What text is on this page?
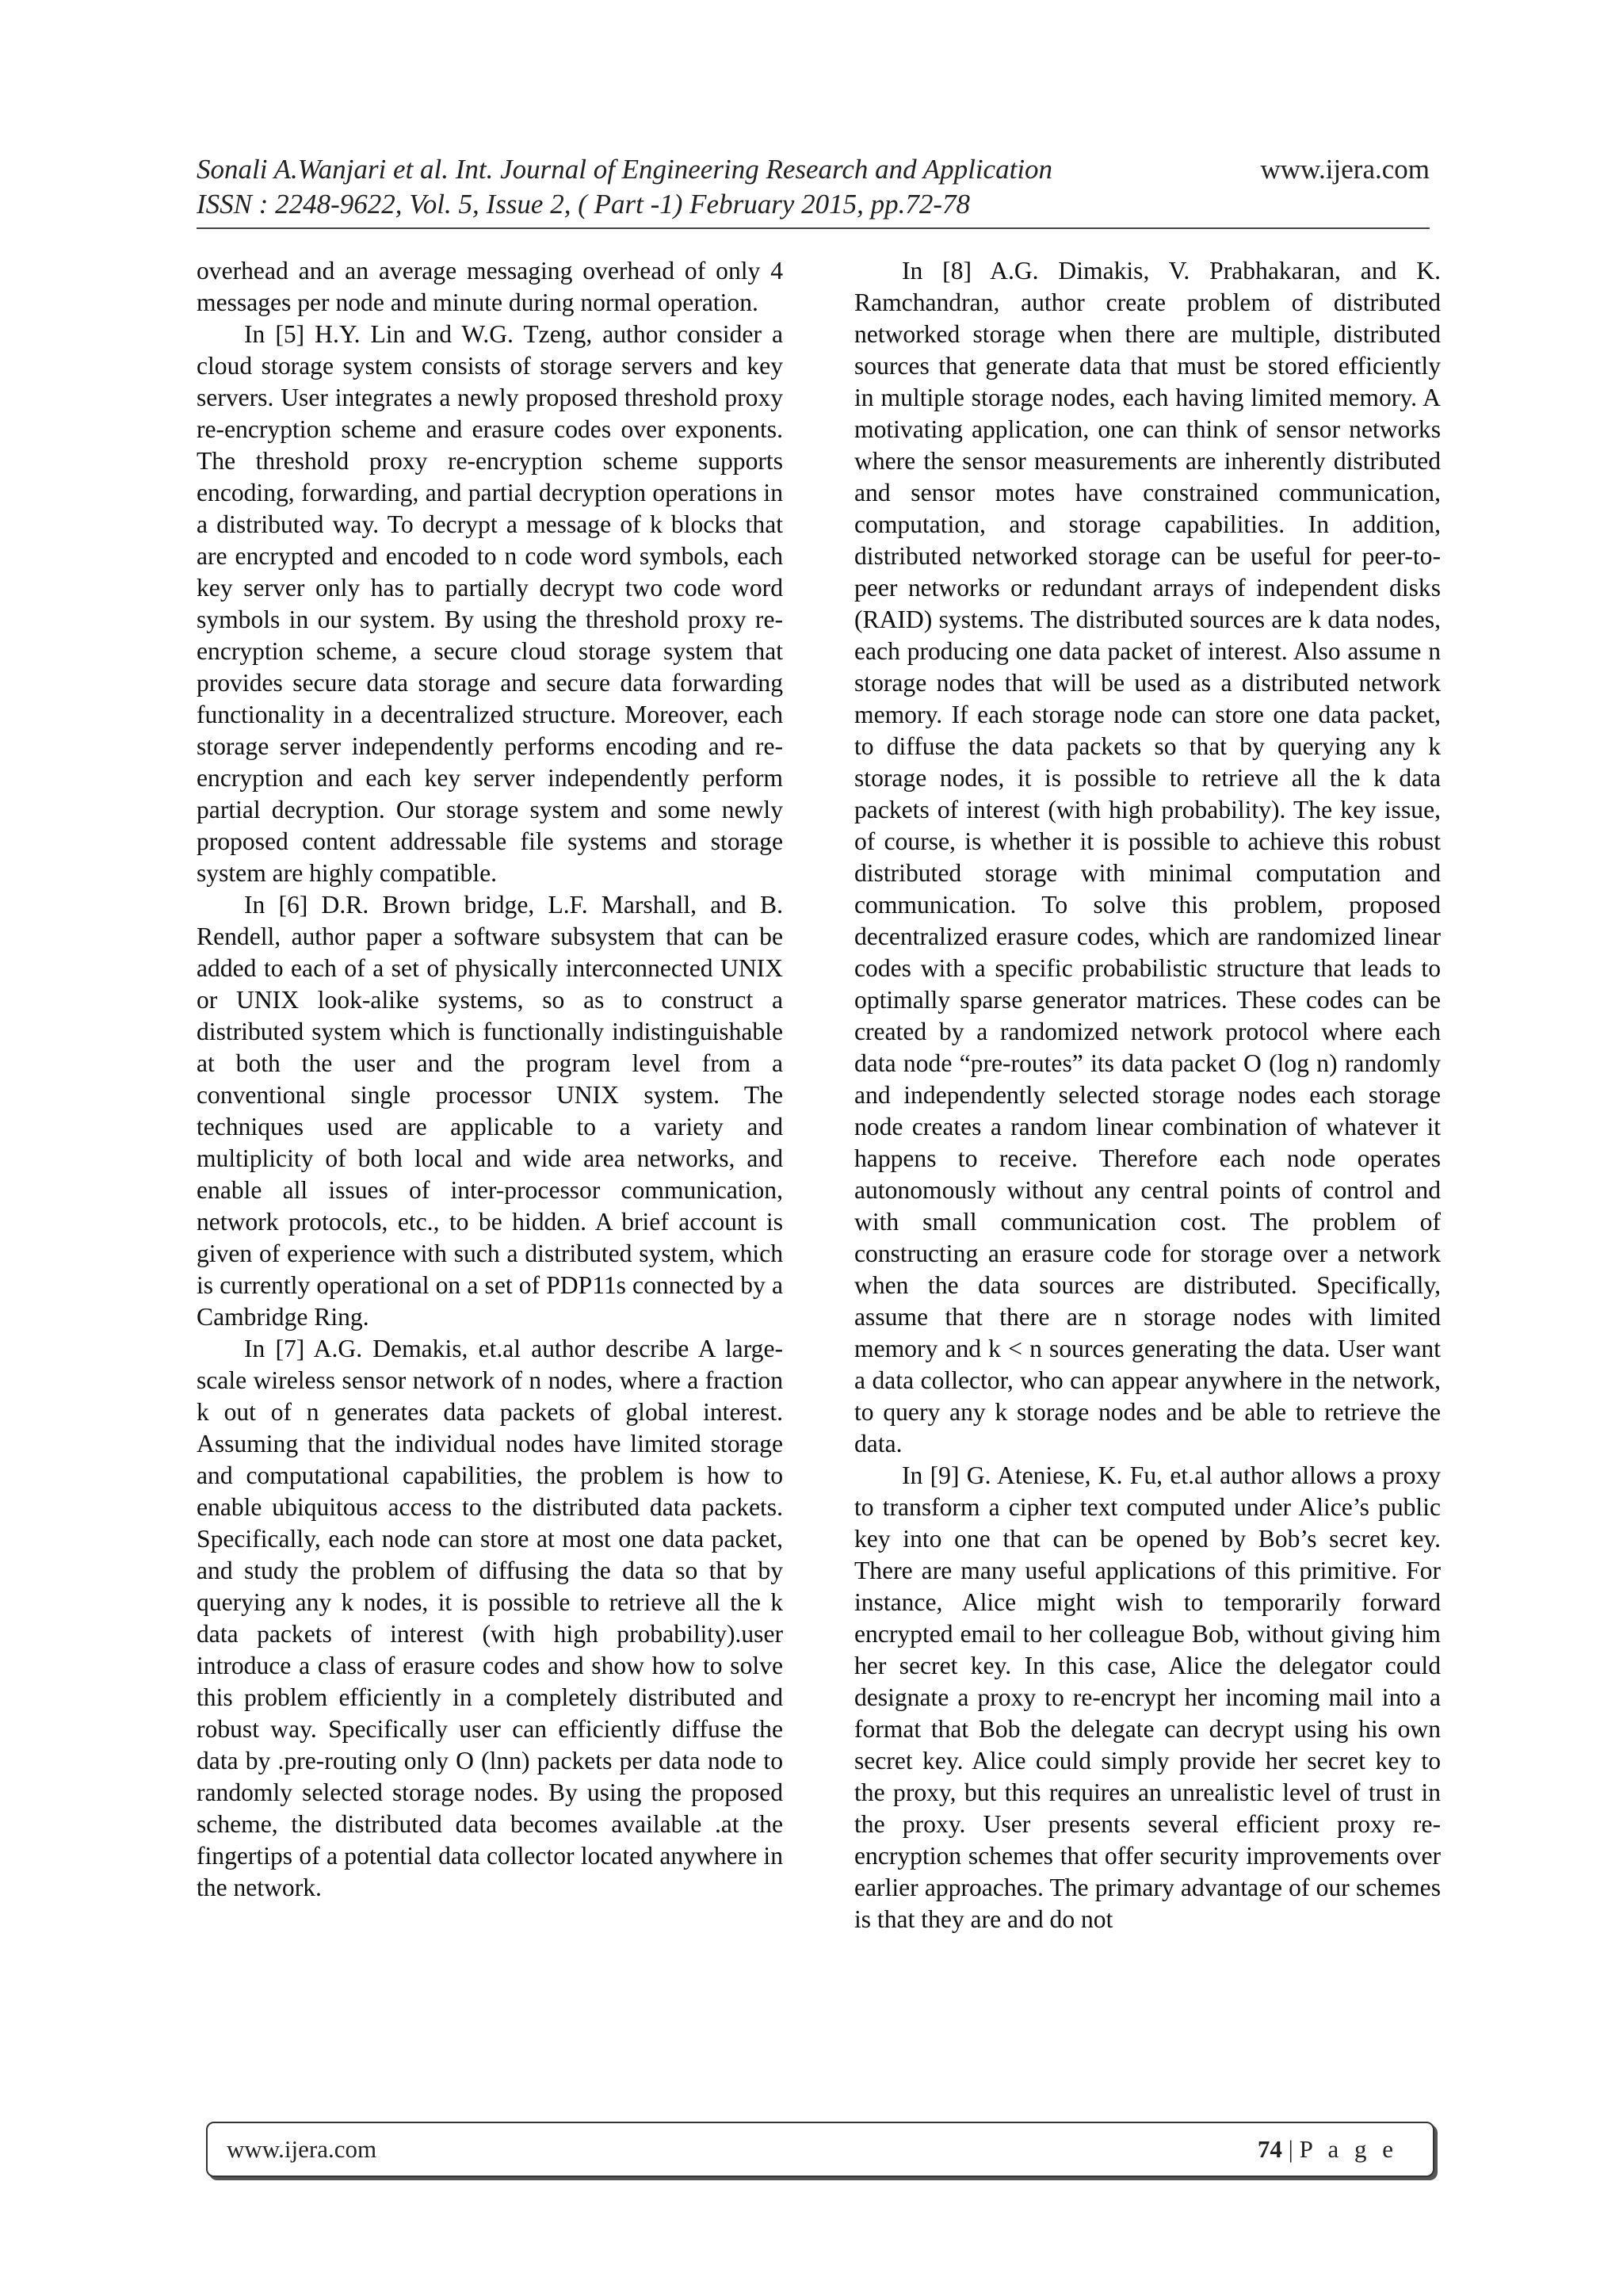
Sonali A.Wanjari et al. Int. Journal of Engineering Research and Application	www.ijera.com
ISSN : 2248-9622, Vol. 5, Issue 2, ( Part -1) February 2015, pp.72-78

overhead and an average messaging overhead of only 4 messages per node and minute during normal operation.

In [5] H.Y. Lin and W.G. Tzeng, author consider a cloud storage system consists of storage servers and key servers. User integrates a newly proposed threshold proxy re-encryption scheme and erasure codes over exponents. The threshold proxy re-encryption scheme supports encoding, forwarding, and partial decryption operations in a distributed way. To decrypt a message of k blocks that are encrypted and encoded to n code word symbols, each key server only has to partially decrypt two code word symbols in our system. By using the threshold proxy re-encryption scheme, a secure cloud storage system that provides secure data storage and secure data forwarding functionality in a decentralized structure. Moreover, each storage server independently performs encoding and re-encryption and each key server independently perform partial decryption. Our storage system and some newly proposed content addressable file systems and storage system are highly compatible.

In [6] D.R. Brown bridge, L.F. Marshall, and B. Rendell, author paper a software subsystem that can be added to each of a set of physically interconnected UNIX or UNIX look-alike systems, so as to construct a distributed system which is functionally indistinguishable at both the user and the program level from a conventional single processor UNIX system. The techniques used are applicable to a variety and multiplicity of both local and wide area networks, and enable all issues of inter-processor communication, network protocols, etc., to be hidden. A brief account is given of experience with such a distributed system, which is currently operational on a set of PDP11s connected by a Cambridge Ring.

In [7] A.G. Demakis, et.al author describe A large-scale wireless sensor network of n nodes, where a fraction k out of n generates data packets of global interest. Assuming that the individual nodes have limited storage and computational capabilities, the problem is how to enable ubiquitous access to the distributed data packets. Specifically, each node can store at most one data packet, and study the problem of diffusing the data so that by querying any k nodes, it is possible to retrieve all the k data packets of interest (with high probability).user introduce a class of erasure codes and show how to solve this problem efficiently in a completely distributed and robust way. Specifically user can efficiently diffuse the data by .pre-routing only O (lnn) packets per data node to randomly selected storage nodes. By using the proposed scheme, the distributed data becomes available .at the fingertips of a potential data collector located anywhere in the network.

In [8] A.G. Dimakis, V. Prabhakaran, and K. Ramchandran, author create problem of distributed networked storage when there are multiple, distributed sources that generate data that must be stored efficiently in multiple storage nodes, each having limited memory. A motivating application, one can think of sensor networks where the sensor measurements are inherently distributed and sensor motes have constrained communication, computation, and storage capabilities. In addition, distributed networked storage can be useful for peer-to-peer networks or redundant arrays of independent disks (RAID) systems. The distributed sources are k data nodes, each producing one data packet of interest. Also assume n storage nodes that will be used as a distributed network memory. If each storage node can store one data packet, to diffuse the data packets so that by querying any k storage nodes, it is possible to retrieve all the k data packets of interest (with high probability). The key issue, of course, is whether it is possible to achieve this robust distributed storage with minimal computation and communication. To solve this problem, proposed decentralized erasure codes, which are randomized linear codes with a specific probabilistic structure that leads to optimally sparse generator matrices. These codes can be created by a randomized network protocol where each data node “pre-routes” its data packet O (log n) randomly and independently selected storage nodes each storage node creates a random linear combination of whatever it happens to receive. Therefore each node operates autonomously without any central points of control and with small communication cost. The problem of constructing an erasure code for storage over a network when the data sources are distributed. Specifically, assume that there are n storage nodes with limited memory and k < n sources generating the data. User want a data collector, who can appear anywhere in the network, to query any k storage nodes and be able to retrieve the data.

In [9] G. Ateniese, K. Fu, et.al author allows a proxy to transform a cipher text computed under Alice’s public key into one that can be opened by Bob’s secret key. There are many useful applications of this primitive. For instance, Alice might wish to temporarily forward encrypted email to her colleague Bob, without giving him her secret key. In this case, Alice the delegator could designate a proxy to re-encrypt her incoming mail into a format that Bob the delegate can decrypt using his own secret key. Alice could simply provide her secret key to the proxy, but this requires an unrealistic level of trust in the proxy. User presents several efficient proxy re-encryption schemes that offer security improvements over earlier approaches. The primary advantage of our schemes is that they are and do not

www.ijera.com	74 | P a g e
